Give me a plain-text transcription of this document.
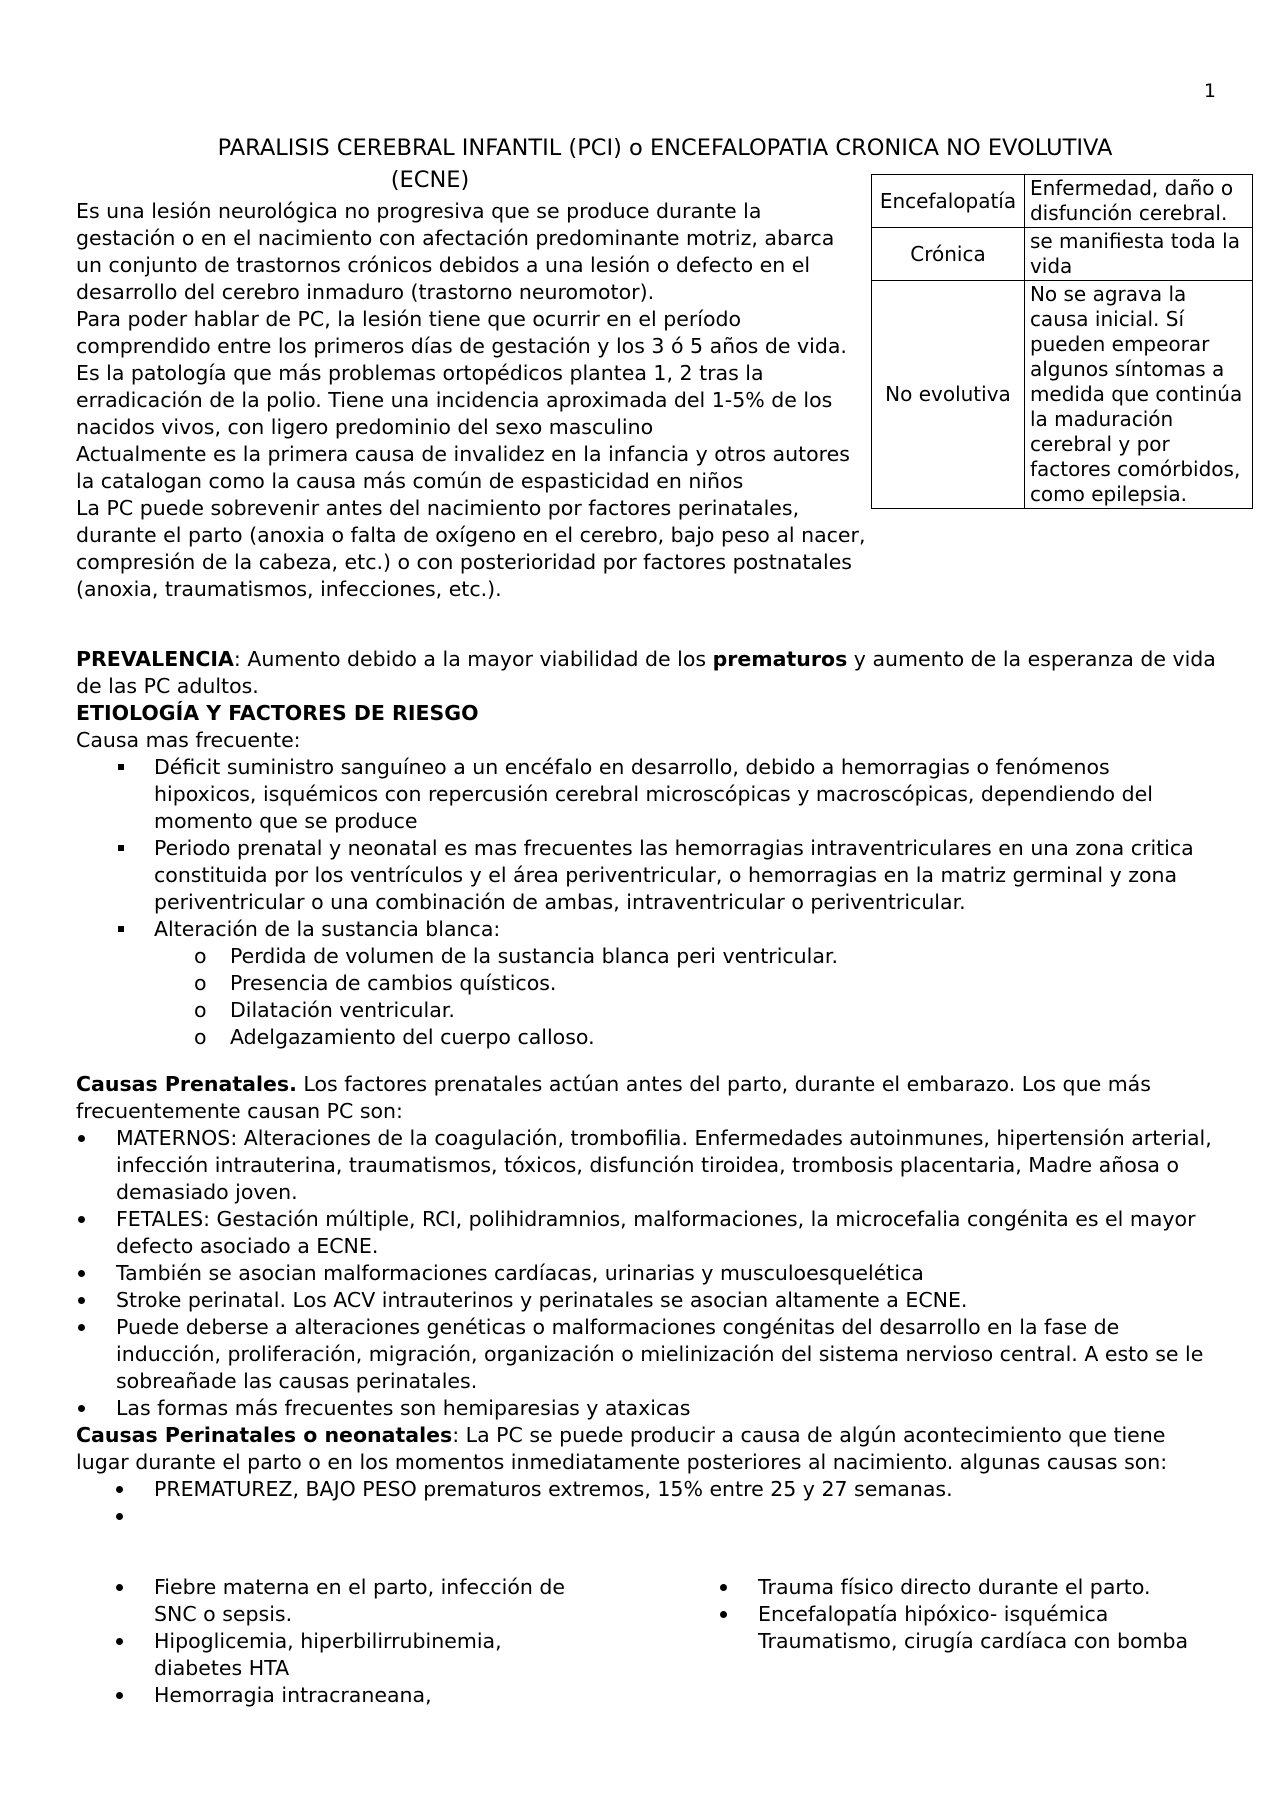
1
PARALISIS CEREBRAL INFANTIL (PCI) o ENCEFALOPATIA CRONICA NO EVOLUTIVA
(ECNE)

Es una lesión neurológica no progresiva que se produce durante la gestación o en el nacimiento con afectación predominante motriz, abarca un conjunto de trastornos crónicos debidos a una lesión o defecto en el desarrollo del cerebro inmaduro (trastorno neuromotor).

Para poder hablar de PC, la lesión tiene que ocurrir en el período comprendido entre los primeros días de gestación y los 3 ó 5 años de vida. Es la patología que más problemas ortopédicos plantea 1, 2 tras la erradicación de la polio. Tiene una incidencia aproximada del 1-5% de los nacidos vivos, con ligero predominio del sexo masculino

Actualmente es la primera causa de invalidez en la infancia y otros autores la catalogan como la causa más común de espasticidad en niños

La PC puede sobrevenir antes del nacimiento por factores perinatales, durante el parto (anoxia o falta de oxígeno en el cerebro, bajo peso al nacer, compresión de la cabeza, etc.) o con posterioridad por factores postnatales (anoxia, traumatismos, infecciones, etc.).

Encefalopatía	Enfermedad, daño o disfunción cerebral.
Crónica	se manifiesta toda la vida
No evolutiva	No se agrava la causa inicial. Sí pueden empeorar algunos síntomas a medida que continúa la maduración cerebral y por factores comórbidos, como epilepsia.

PREVALENCIA: Aumento debido a la mayor viabilidad de los prematuros y aumento de la esperanza de vida de las PC adultos.

ETIOLOGÍA Y FACTORES DE RIESGO

Causa mas frecuente:

Déficit suministro sanguíneo a un encéfalo en desarrollo, debido a hemorragias o fenómenos hipoxicos, isquémicos con repercusión cerebral microscópicas y macroscópicas, dependiendo del momento que se produce
Periodo prenatal y neonatal es mas frecuentes las hemorragias intraventriculares en una zona critica constituida por los ventrículos y el área periventricular, o hemorragias en la matriz germinal y zona periventricular o una combinación de ambas, intraventricular o periventricular.
Alteración de la sustancia blanca:
o Perdida de volumen de la sustancia blanca peri ventricular.
o Presencia de cambios quísticos.
o Dilatación ventricular.
o Adelgazamiento del cuerpo calloso.

Causas Prenatales. Los factores prenatales actúan antes del parto, durante el embarazo. Los que más frecuentemente causan PC son:

MATERNOS: Alteraciones de la coagulación, trombofilia. Enfermedades autoinmunes, hipertensión arterial, infección intrauterina, traumatismos, tóxicos, disfunción tiroidea, trombosis placentaria, Madre añosa o demasiado joven.
FETALES: Gestación múltiple, RCI, polihidramnios, malformaciones, la microcefalia congénita es el mayor defecto asociado a ECNE.
También se asocian malformaciones cardíacas, urinarias y musculoesquelética
Stroke perinatal. Los ACV intrauterinos y perinatales se asocian altamente a ECNE.
Puede deberse a alteraciones genéticas o malformaciones congénitas del desarrollo en la fase de inducción, proliferación, migración, organización o mielinización del sistema nervioso central. A esto se le sobreañade las causas perinatales.
Las formas más frecuentes son hemiparesias y ataxicas

Causas Perinatales o neonatales: La PC se puede producir a causa de algún acontecimiento que tiene lugar durante el parto o en los momentos inmediatamente posteriores al nacimiento. algunas causas son:

PREMATUREZ, BAJO PESO prematuros extremos, 15% entre 25 y 27 semanas.
Fiebre materna en el parto, infección de SNC o sepsis.
Hipoglicemia, hiperbilirrubinemia, diabetes HTA
Hemorragia intracraneana,
Trauma físico directo durante el parto.
Encefalopatía hipóxico- isquémica Traumatismo, cirugía cardíaca con bomba
